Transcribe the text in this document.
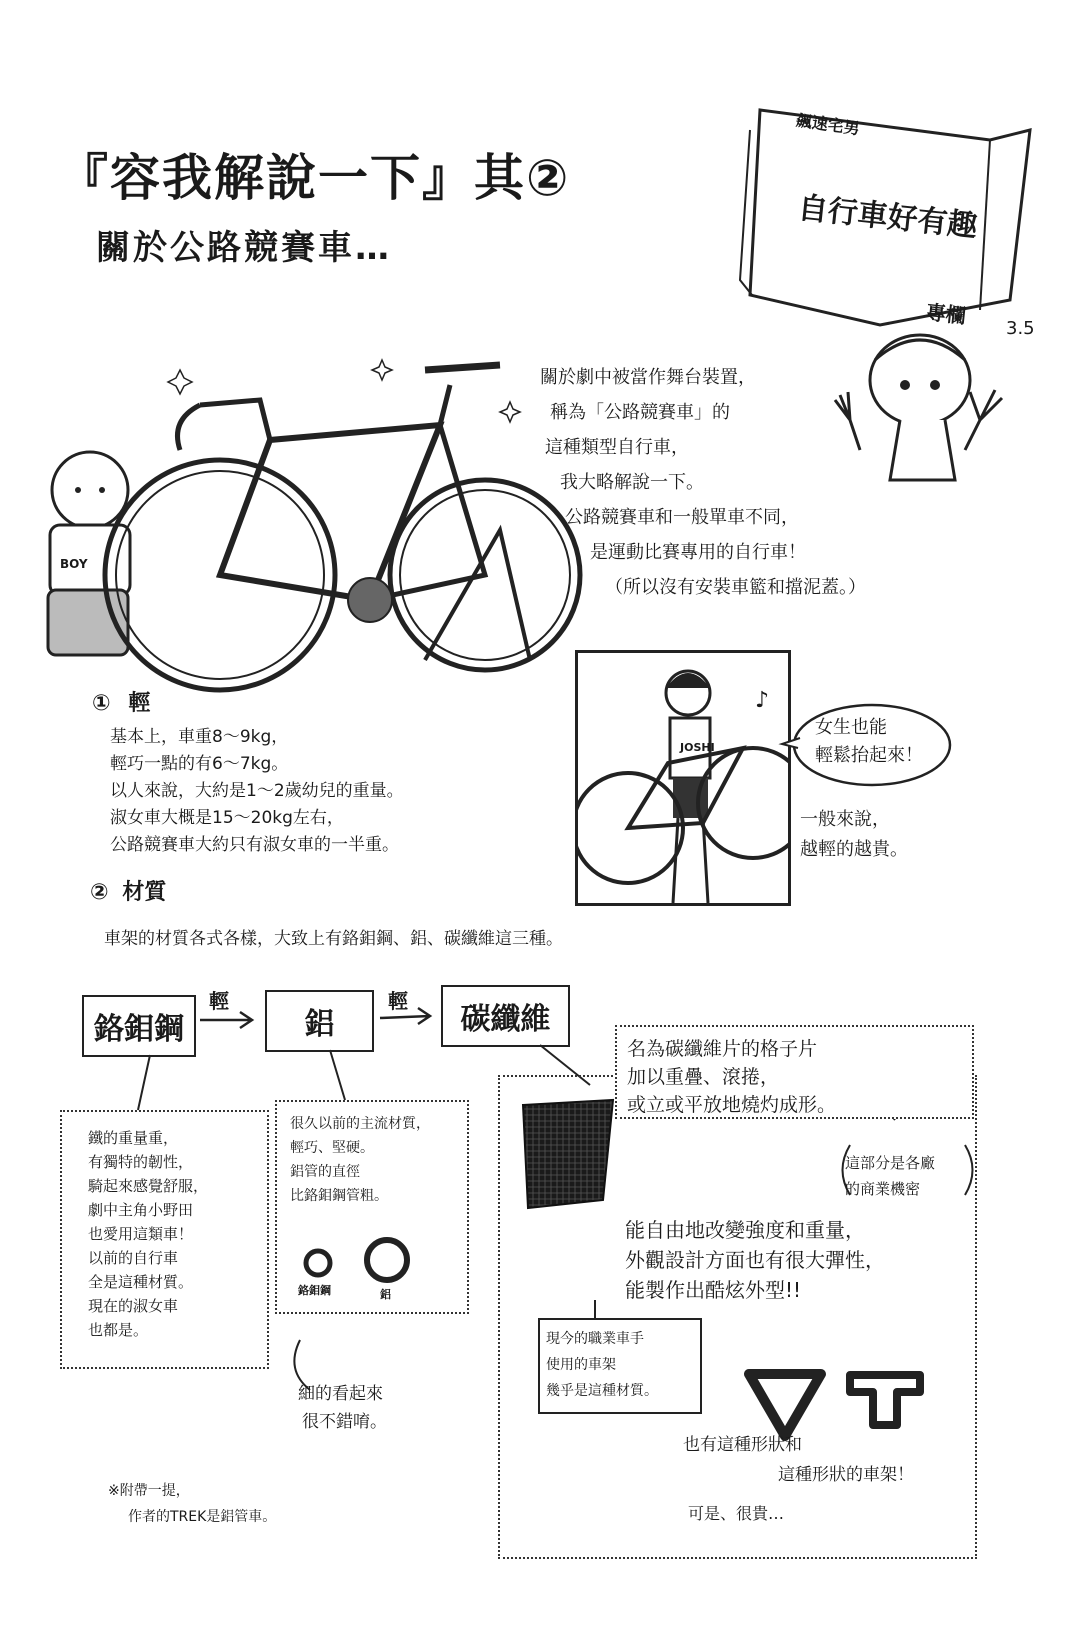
『容我解說一下』其②
關於公路競賽車…
飆速宅男
自行車好有趣
專欄
3.5
關於劇中被當作舞台裝置，
稱為「公路競賽車」的
這種類型自行車，
我大略解說一下。
公路競賽車和一般單車不同，
是運動比賽專用的自行車！
（所以沒有安裝車籃和擋泥蓋。）
BOY
① 輕
基本上，車重8～9kg，
輕巧一點的有6～7kg。
以人來說，大約是1～2歲幼兒的重量。
淑女車大概是15～20kg左右，
公路競賽車大約只有淑女車的一半重。
JOSHI
♪
女生也能
輕鬆抬起來！
一般來說，
越輕的越貴。
② 材質
車架的材質各式各樣，大致上有鉻鉬鋼、鋁、碳纖維這三種。
鉻鉬鋼	鋁	碳纖維
輕	輕
鐵的重量重，
有獨特的韌性，
騎起來感覺舒服，
劇中主角小野田
也愛用這類車！
以前的自行車
全是這種材質。
現在的淑女車
也都是。
很久以前的主流材質，
輕巧、堅硬。
鋁管的直徑
比鉻鉬鋼管粗。
鉻鉬鋼	鋁
細的看起來
很不錯唷。
名為碳纖維片的格子片
加以重疊、滾捲，
或立或平放地燒灼成形。
這部分是各廠
的商業機密
能自由地改變強度和重量，
外觀設計方面也有很大彈性，
能製作出酷炫外型!!
現今的職業車手
使用的車架
幾乎是這種材質。
也有這種形狀和
這種形狀的車架！
可是、很貴…
※附帶一提，
作者的TREK是鋁管車。
